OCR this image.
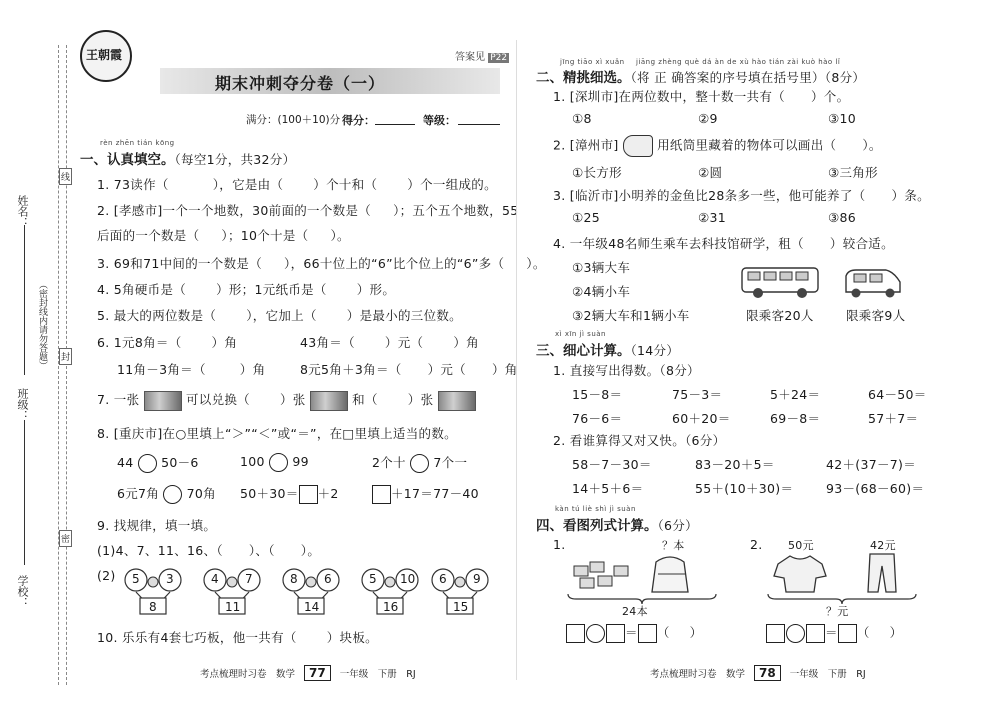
姓名：
班级：
学校：
（密封线内请勿答题）
线
封
密
王朝霞
期末冲刺夺分卷（一）
答案见 P22
满分：(100＋10)分 得分：	等级：
rèn zhēn tián kōng
一、认真填空。（每空1分，共32分）
1. 73读作（	），它是由（ ）个十和（ ）个一组成的。
2. [孝感市]一个一个地数，30前面的一个数是（ ）；五个五个地数，55
后面的一个数是（ ）；10个十是（ ）。
3. 69和71中间的一个数是（ ），66十位上的“6”比个位上的“6”多（ ）。
4. 5角硬币是（ ）形；1元纸币是（ ）形。
5. 最大的两位数是（ ），它加上（ ）是最小的三位数。
6. 1元8角＝（ ）角	43角＝（ ）元（ ）角
11角－3角＝（	）角	8元5角＋3角＝（ ）元（ ）角
7. 一张	可以兑换（ ）张	和（ ）张
8. [重庆市]在○里填上“＞”“＜”或“＝”，在□里填上适当的数。
44 50－6	100 99	2个十 7个一
6元7角 70角 50＋30＝ ＋2	＋17＝77－40
9. 找规律，填一填。
(1)4、7、11、16、（ ）、（ ）。
(2) 5 3
8
4 7
11
8 6
14
5 10
16
6 9
15
10. 乐乐有4套七巧板，他一共有（ ）块板。
jīng tiāo xì xuǎn jiāng zhèng què dá àn de xù hào tián zài kuò hào lǐ
二、精挑细选。（将 正 确答案的序号填在括号里）（8分）
1. [深圳市]在两位数中，整十数一共有（ ）个。
①8	②9	③10
2. [漳州市]	用纸筒里藏着的物体可以画出（ ）。
①长方形	②圆	③三角形
3. [临沂市]小明养的金鱼比28条多一些，他可能养了（ ）条。
①25	②31	③86
4. 一年级48名师生乘车去科技馆研学，租（ ）较合适。
①3辆大车
②4辆小车
③2辆大车和1辆小车	限乘客20人	限乘客9人
xì xīn jì suàn
三、细心计算。（14分）
1. 直接写出得数。（8分）
15－8＝	75－3＝	5＋24＝	64－50＝
76－6＝	60＋20＝	69－8＝	57＋7＝
2. 看谁算得又对又快。（6分）
58－7－30＝	83－20＋5＝	42＋(37－7)＝
14＋5＋6＝	55＋(10＋30)＝	93－(68－60)＝
kàn tú liè shì jì suàn
四、看图列式计算。（6分）
1.	？本
24本
＝ （ ）
2. 50元	42元
？元
＝ （ ）
考点梳理时习卷　数学 77 一年级　下册　RJ	考点梳理时习卷　数学 78 一年级　下册　RJ
